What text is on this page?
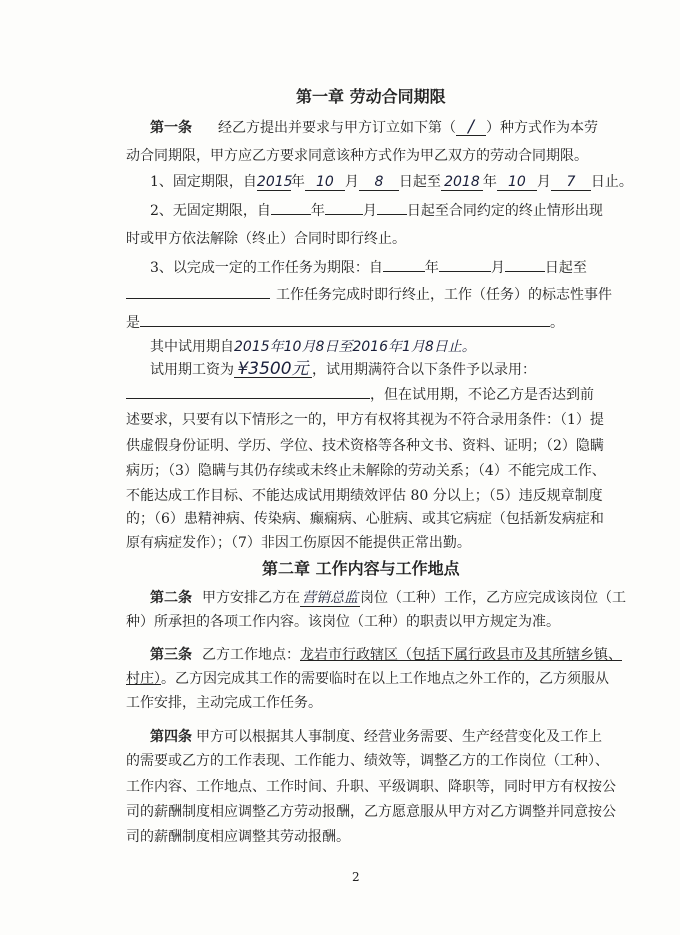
第一章 劳动合同期限
第一条 经乙方提出并要求与甲方订立如下第（ / ）种方式作为本劳
动合同期限，甲方应乙方要求同意该种方式作为甲乙双方的劳动合同期限。
1、固定期限，自2015年 10 月 8 日起至 2018 年 10 月 7 日止。
2、无固定期限，自	年	月 日起至合同约定的终止情形出现
时或甲方依法解除（终止）合同时即行终止。
3、以完成一定的工作任务为期限：自	年	月	日起至
工作任务完成时即行终止，工作（任务）的标志性事件
是	。
其中试用期自2015年10月8日至2016年1月8日止。
试用期工资为 ¥3500元 ，试用期满符合以下条件予以录用：
，但在试用期，不论乙方是否达到前
述要求，只要有以下情形之一的，甲方有权将其视为不符合录用条件：（1）提
供虚假身份证明、学历、学位、技术资格等各种文书、资料、证明；（2）隐瞒
病历；（3）隐瞒与其仍存续或未终止未解除的劳动关系；（4）不能完成工作、
不能达成工作目标、不能达成试用期绩效评估 80 分以上；（5）违反规章制度
的；（6）患精神病、传染病、癫痫病、心脏病、或其它病症（包括新发病症和
原有病症发作）；（7）非因工伤原因不能提供正常出勤。
第二章 工作内容与工作地点
第二条 甲方安排乙方在 营销总监 岗位（工种）工作，乙方应完成该岗位（工
种）所承担的各项工作内容。该岗位（工种）的职责以甲方规定为准。
第三条 乙方工作地点：龙岩市行政辖区（包括下属行政县市及其所辖乡镇、
村庄）。乙方因完成其工作的需要临时在以上工作地点之外工作的，乙方须服从
工作安排，主动完成工作任务。
第四条 甲方可以根据其人事制度、经营业务需要、生产经营变化及工作上
的需要或乙方的工作表现、工作能力、绩效等，调整乙方的工作岗位（工种）、
工作内容、工作地点、工作时间、升职、平级调职、降职等，同时甲方有权按公
司的薪酬制度相应调整乙方劳动报酬，乙方愿意服从甲方对乙方调整并同意按公
司的薪酬制度相应调整其劳动报酬。
2
